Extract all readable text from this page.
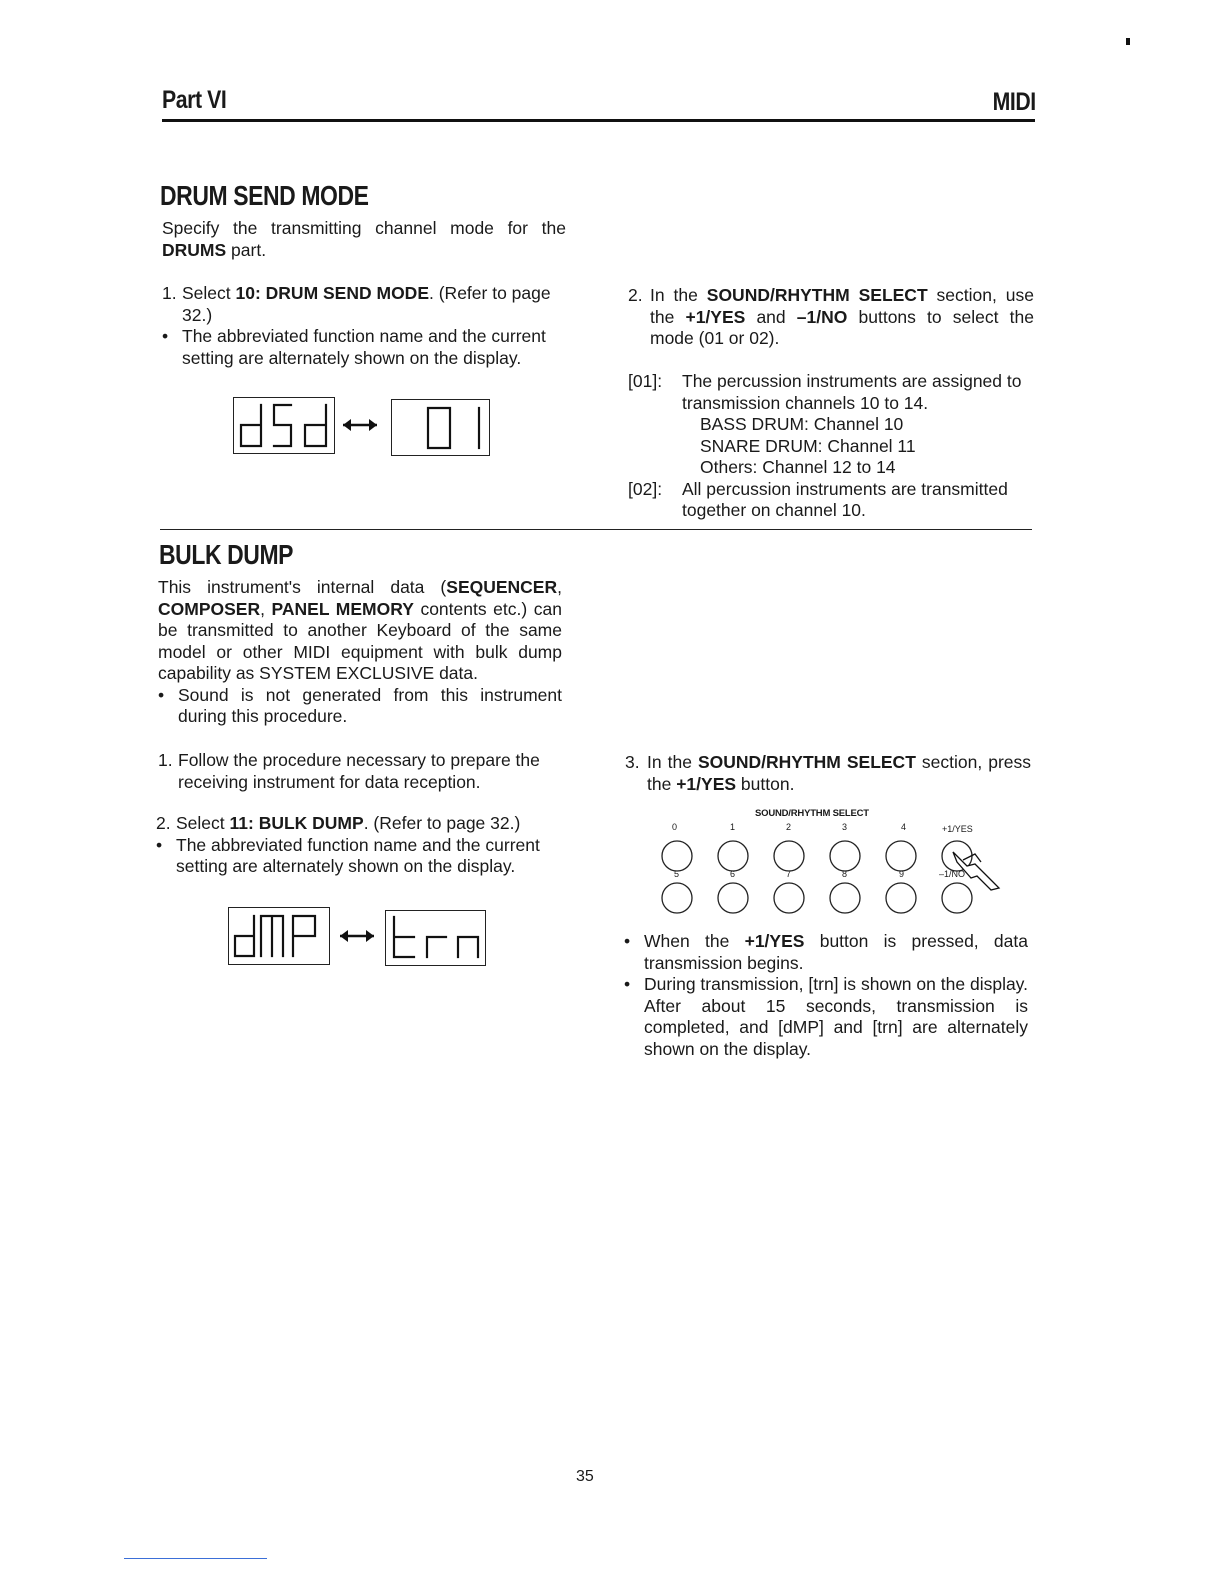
Part VI	MIDI
DRUM SEND MODE
Specify the transmitting channel mode for the DRUMS part.
1. Select 10: DRUM SEND MODE. (Refer to page 32.)
• The abbreviated function name and the current setting are alternately shown on the display.
2. In the SOUND/RHYTHM SELECT section, use the +1/YES and –1/NO buttons to select the mode (01 or 02).
[01]:	The percussion instruments are assigned to transmission channels 10 to 14.
BASS DRUM: Channel 10
SNARE DRUM: Channel 11
Others: Channel 12 to 14
[02]:	All percussion instruments are transmitted together on channel 10.
BULK DUMP
This instrument's internal data (SEQUENCER, COMPOSER, PANEL MEMORY contents etc.) can be transmitted to another Keyboard of the same model or other MIDI equipment with bulk dump capability as SYSTEM EXCLUSIVE data.
• Sound is not generated from this instrument during this procedure.
1. Follow the procedure necessary to prepare the receiving instrument for data reception.
2. Select 11: BULK DUMP. (Refer to page 32.)
• The abbreviated function name and the current setting are alternately shown on the display.
3. In the SOUND/RHYTHM SELECT section, press the +1/YES button.
SOUND/RHYTHM SELECT
0	1	2	3	4	+1/YES
5	6	7	8	9	–1/NO
• When the +1/YES button is pressed, data transmission begins.
• During transmission, [trn] is shown on the display. After about 15 seconds, transmission is completed, and [dMP] and [trn] are alternately shown on the display.
35
